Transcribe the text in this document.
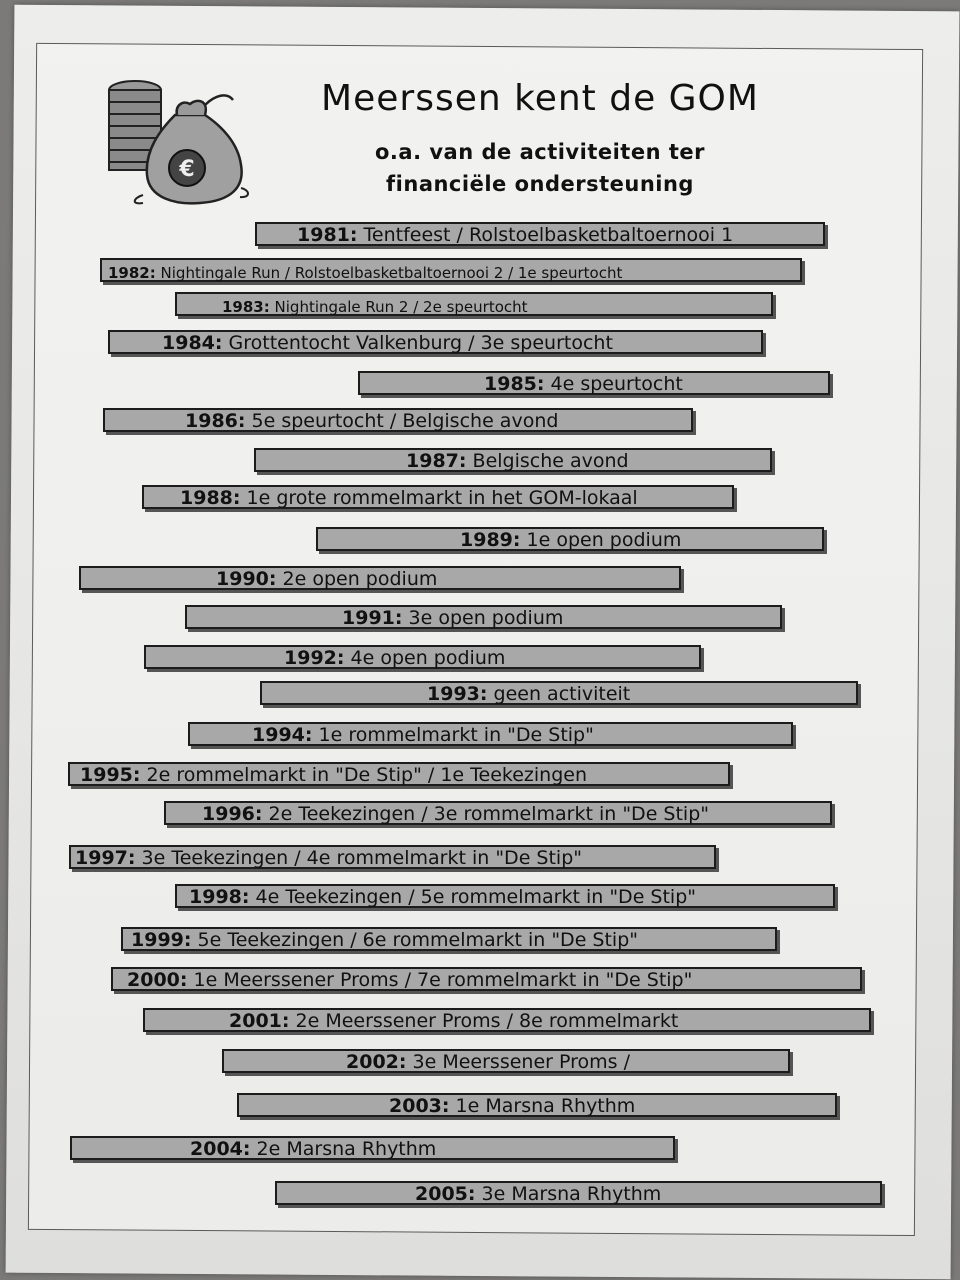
€
Meerssen kent de GOM
o.a. van de activiteiten ter
financiële ondersteuning
1981: Tentfeest / Rolstoelbasketbaltoernooi 1
1982: Nightingale Run / Rolstoelbasketbaltoernooi 2 / 1e speurtocht
1983: Nightingale Run 2 / 2e speurtocht
1984: Grottentocht Valkenburg / 3e speurtocht
1985: 4e speurtocht
1986: 5e speurtocht / Belgische avond
1987: Belgische avond
1988: 1e grote rommelmarkt in het GOM-lokaal
1989: 1e open podium
1990: 2e open podium
1991: 3e open podium
1992: 4e open podium
1993: geen activiteit
1994: 1e rommelmarkt in "De Stip"
1995: 2e rommelmarkt in "De Stip" / 1e Teekezingen
1996: 2e Teekezingen / 3e rommelmarkt in "De Stip"
1997: 3e Teekezingen / 4e rommelmarkt in "De Stip"
1998: 4e Teekezingen / 5e rommelmarkt in "De Stip"
1999: 5e Teekezingen / 6e rommelmarkt in "De Stip"
2000: 1e Meerssener Proms / 7e rommelmarkt in "De Stip"
2001: 2e Meerssener Proms / 8e rommelmarkt
2002: 3e Meerssener Proms /
2003: 1e Marsna Rhythm
2004: 2e Marsna Rhythm
2005: 3e Marsna Rhythm
